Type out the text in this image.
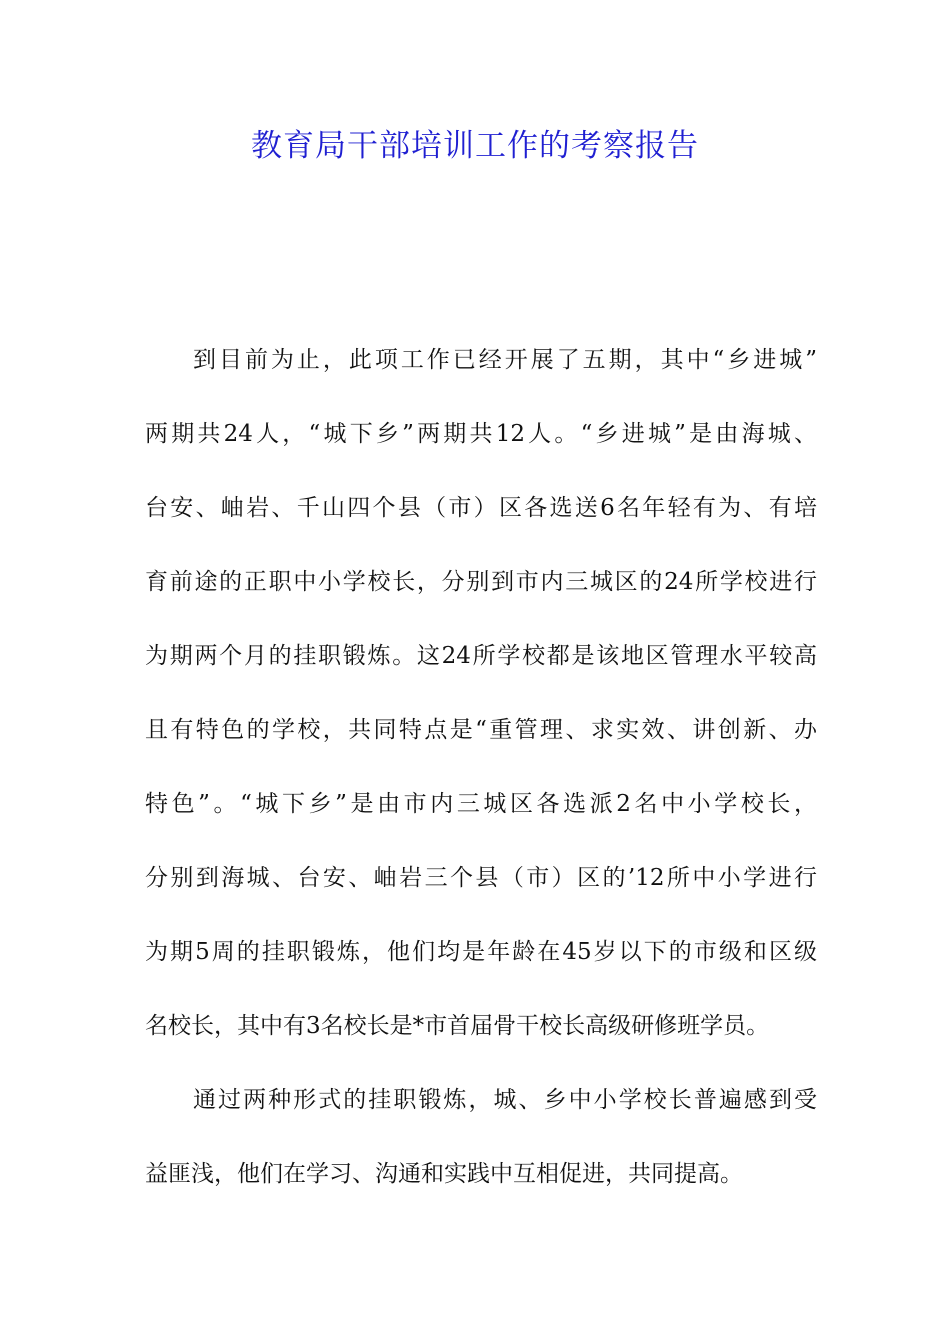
教育局干部培训工作的考察报告

到目前为止，此项工作已经开展了五期，其中“乡进城”
两期共24人，“城下乡”两期共12人。“乡进城”是由海城、
台安、岫岩、千山四个县（市）区各选送6名年轻有为、有培
育前途的正职中小学校长，分别到市内三城区的24所学校进行
为期两个月的挂职锻炼。这24所学校都是该地区管理水平较高
且有特色的学校，共同特点是“重管理、求实效、讲创新、办
特色”。“城下乡”是由市内三城区各选派2名中小学校长，
分别到海城、台安、岫岩三个县（市）区的’12所中小学进行
为期5周的挂职锻炼，他们均是年龄在45岁以下的市级和区级
名校长，其中有3名校长是*市首届骨干校长高级研修班学员。

通过两种形式的挂职锻炼，城、乡中小学校长普遍感到受
益匪浅，他们在学习、沟通和实践中互相促进，共同提高。
